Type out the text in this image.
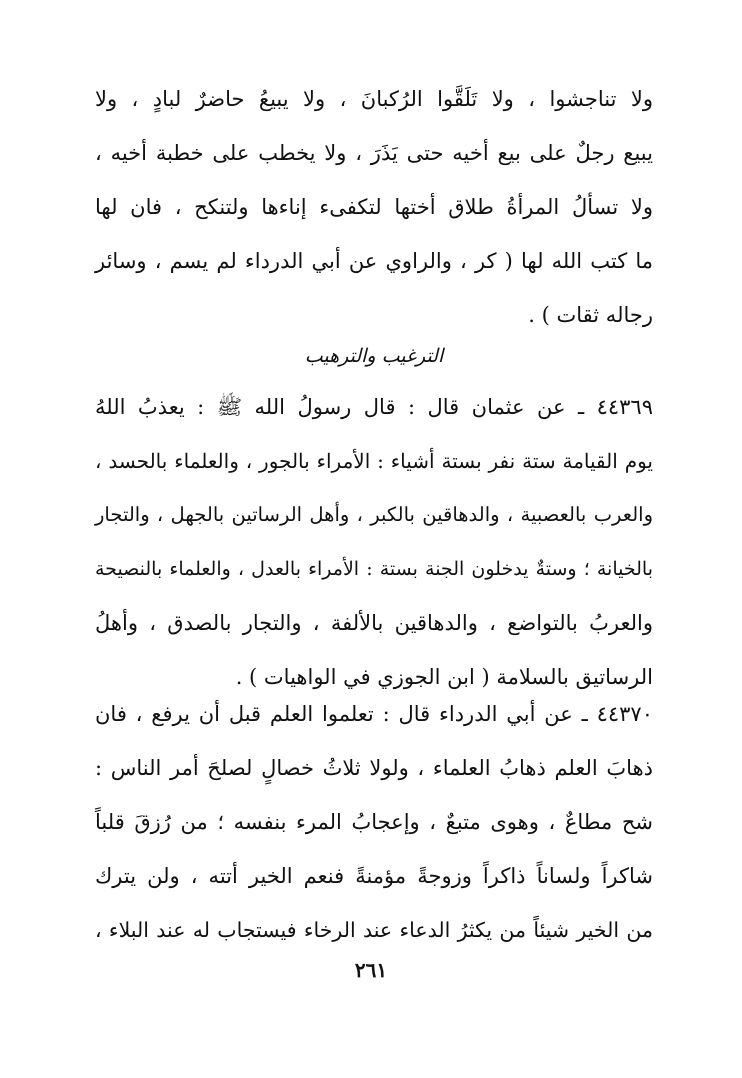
ولا تناجشوا ، ولا تَلَقَّوا الرُكبانَ ، ولا يبيعُ حاضرٌ لبادٍ ، ولا
يبيع رجلٌ على بيع أخيه حتى يَذَرَ ، ولا يخطب على خطبة أخيه ،
ولا تسألُ المرأةُ طلاق أختها لتكفىء إناءها ولتنكح ، فان لها
ما كتب الله لها ( كر ، والراوي عن أبي الدرداء لم يسم ، وسائر
رجاله ثقات ) .
الترغيب والترهيب
٤٤٣٦٩ ـ عن عثمان قال : قال رسولُ الله ﷺ : يعذبُ اللهُ
يوم القيامة ستة نفر بستة أشياء : الأمراء بالجور ، والعلماء بالحسد ،
والعرب بالعصبية ، والدهاقين بالكبر ، وأهل الرساتين بالجهل ، والتجار
بالخيانة ؛ وستةٌ يدخلون الجنة بستة : الأمراء بالعدل ، والعلماء بالنصيحة
والعربُ بالتواضع ، والدهاقين بالألفة ، والتجار بالصدق ، وأهلُ
الرساتيق بالسلامة ( ابن الجوزي في الواهيات ) .
٤٤٣٧٠ ـ عن أبي الدرداء قال : تعلموا العلم قبل أن يرفع ، فان
ذهابَ العلم ذهابُ العلماء ، ولولا ثلاثُ خصالٍ لصلحَ أمر الناس :
شح مطاعٌ ، وهوى متبعٌ ، وإعجابُ المرء بنفسه ؛ من رُزقَ قلباً
شاكراً ولساناً ذاكراً وزوجةً مؤمنةً فنعم الخير أتته ، ولن يترك
من الخير شيئاً من يكثرُ الدعاء عند الرخاء فيستجاب له عند البلاء ،
٢٦١
